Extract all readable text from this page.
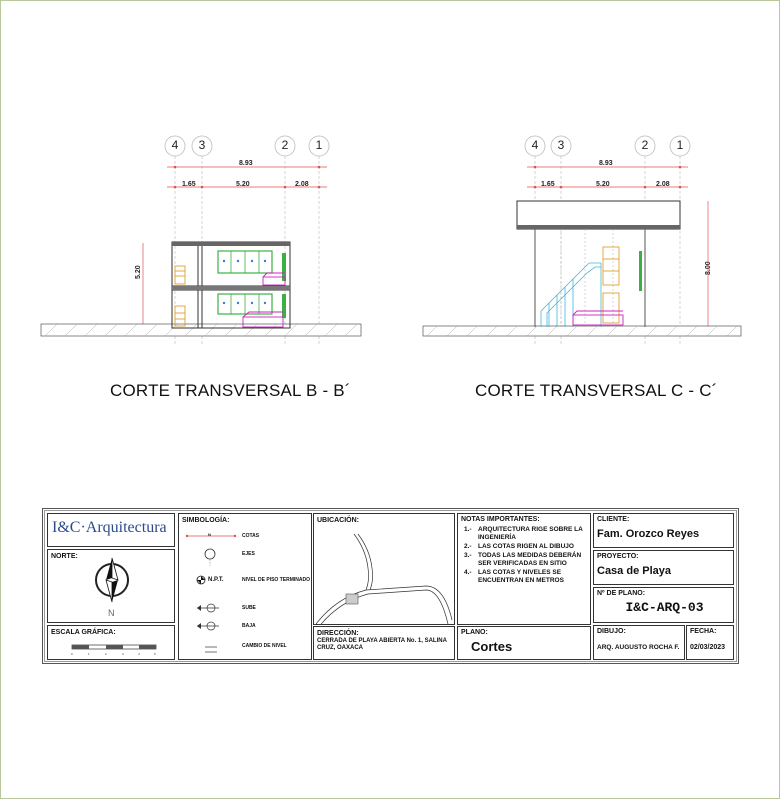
4	3	2	1
8.93
1.65	5.20	2.08
5.20
CORTE TRANSVERSAL B - B´
4	3	2	1
8.93
1.65	5.20	2.08
8.00
CORTE TRANSVERSAL C - C´
I&C·Arquitectura
NORTE:
N
ESCALA GRÁFICA:
0	1	2	3	4	5
SIMBOLOGÍA:
N	COTAS
EJES
N.P.T.	NIVEL DE PISO TERMINADO
SUBE
BAJA
CAMBIO DE NIVEL
UBICACIÓN:
DIRECCIÓN:
CERRADA DE PLAYA ABIERTA No. 1, SALINA CRUZ, OAXACA
NOTAS IMPORTANTES:
1.- ARQUITECTURA RIGE SOBRE LA INGENIERÍA
2.- LAS COTAS RIGEN AL DIBUJO
3.- TODAS LAS MEDIDAS DEBERÁN SER VERIFICADAS EN SITIO
4.- LAS COTAS Y NIVELES SE ENCUENTRAN EN METROS
PLANO:
Cortes
CLIENTE:
Fam. Orozco Reyes
PROYECTO:
Casa de Playa
Nº DE PLANO:
I&C-ARQ-03
DIBUJO:
ARQ. AUGUSTO ROCHA F.
FECHA:
02/03/2023
